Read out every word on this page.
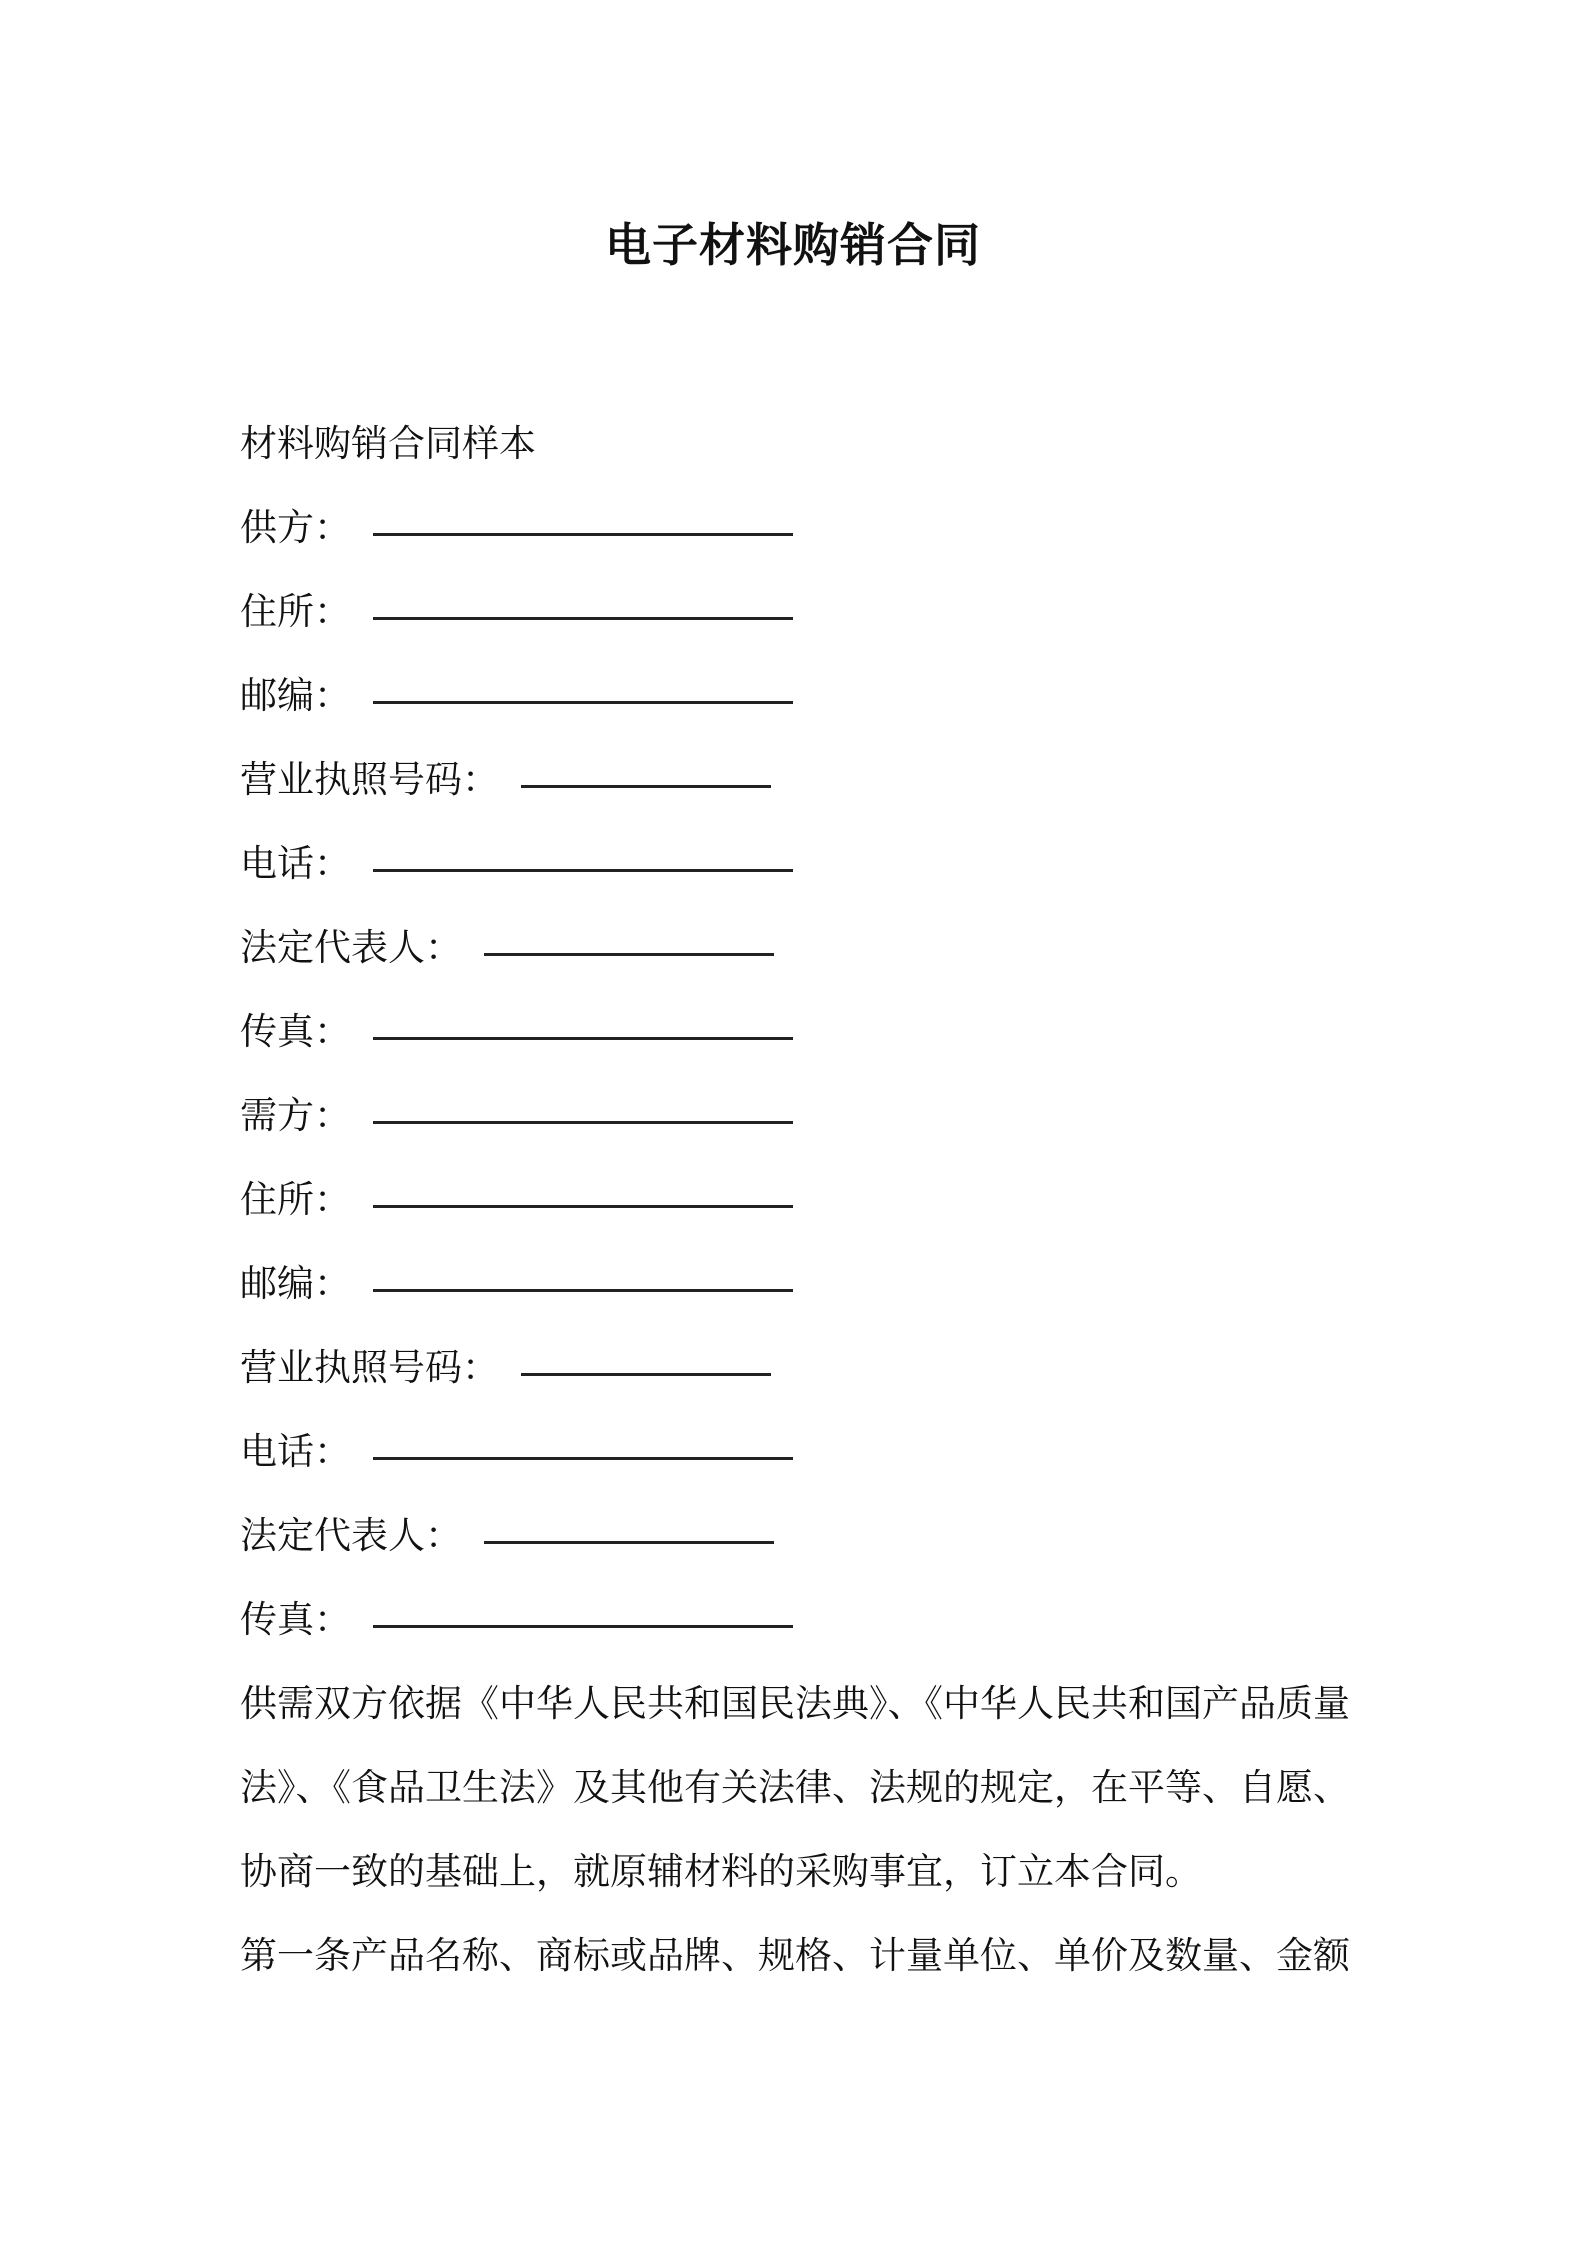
电子材料购销合同
材料购销合同样本
供方：
住所：
邮编：
营业执照号码：
电话：
法定代表人：
传真：
需方：
住所：
邮编：
营业执照号码：
电话：
法定代表人：
传真：
供需双方依据《中华人民共和国民法典》、《中华人民共和国产品质量
法》、《食品卫生法》及其他有关法律、法规的规定，在平等、自愿、
协商一致的基础上，就原辅材料的采购事宜，订立本合同。
第一条产品名称、商标或品牌、规格、计量单位、单价及数量、金额
